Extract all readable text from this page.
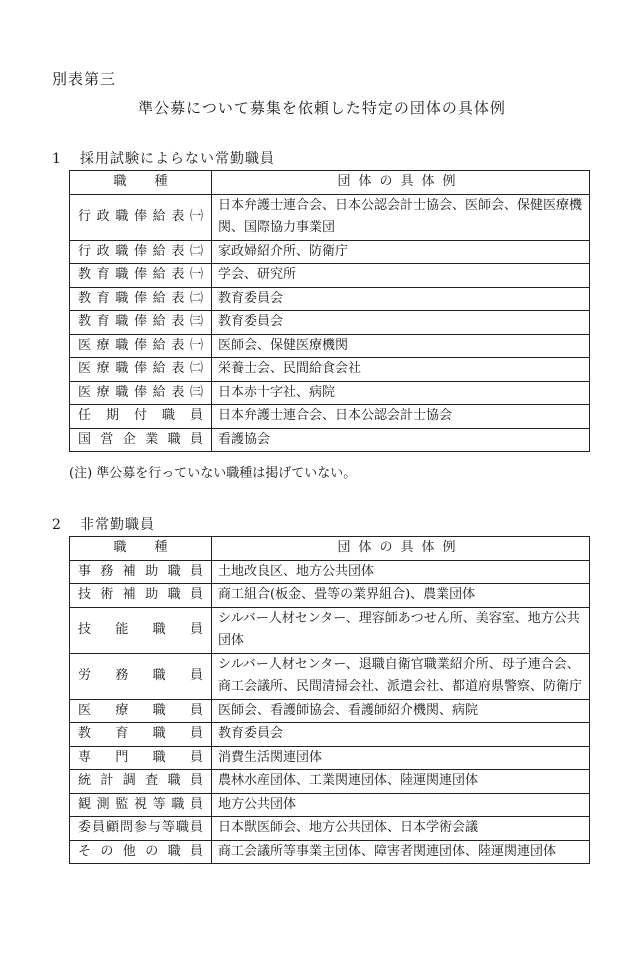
別表第三
準公募について募集を依頼した特定の団体の具体例
1 採用試験によらない常勤職員
職種	団体の具体例
行政職俸給表㈠	日本弁護士連合会、日本公認会計士協会、医師会、保健医療機関、国際協力事業団
行政職俸給表㈡	家政婦紹介所、防衛庁
教育職俸給表㈠	学会、研究所
教育職俸給表㈡	教育委員会
教育職俸給表㈢	教育委員会
医療職俸給表㈠	医師会、保健医療機関
医療職俸給表㈡	栄養士会、民間給食会社
医療職俸給表㈢	日本赤十字社、病院
任期付職員	日本弁護士連合会、日本公認会計士協会
国営企業職員	看護協会
(注) 準公募を行っていない職種は掲げていない。
2 非常勤職員
職種	団体の具体例
事務補助職員	土地改良区、地方公共団体
技術補助職員	商工組合(板金、畳等の業界組合)、農業団体
技能職員	シルバー人材センター、理容師あつせん所、美容室、地方公共団体
労務職員	シルバー人材センター、退職自衛官職業紹介所、母子連合会、商工会議所、民間清掃会社、派遣会社、都道府県警察、防衛庁
医療職員	医師会、看護師協会、看護師紹介機関、病院
教育職員	教育委員会
専門職員	消費生活関連団体
統計調査職員	農林水産団体、工業関連団体、陸運関連団体
観測監視等職員	地方公共団体
委員顧問参与等職員	日本獣医師会、地方公共団体、日本学術会議
その他の職員	商工会議所等事業主団体、障害者関連団体、陸運関連団体
